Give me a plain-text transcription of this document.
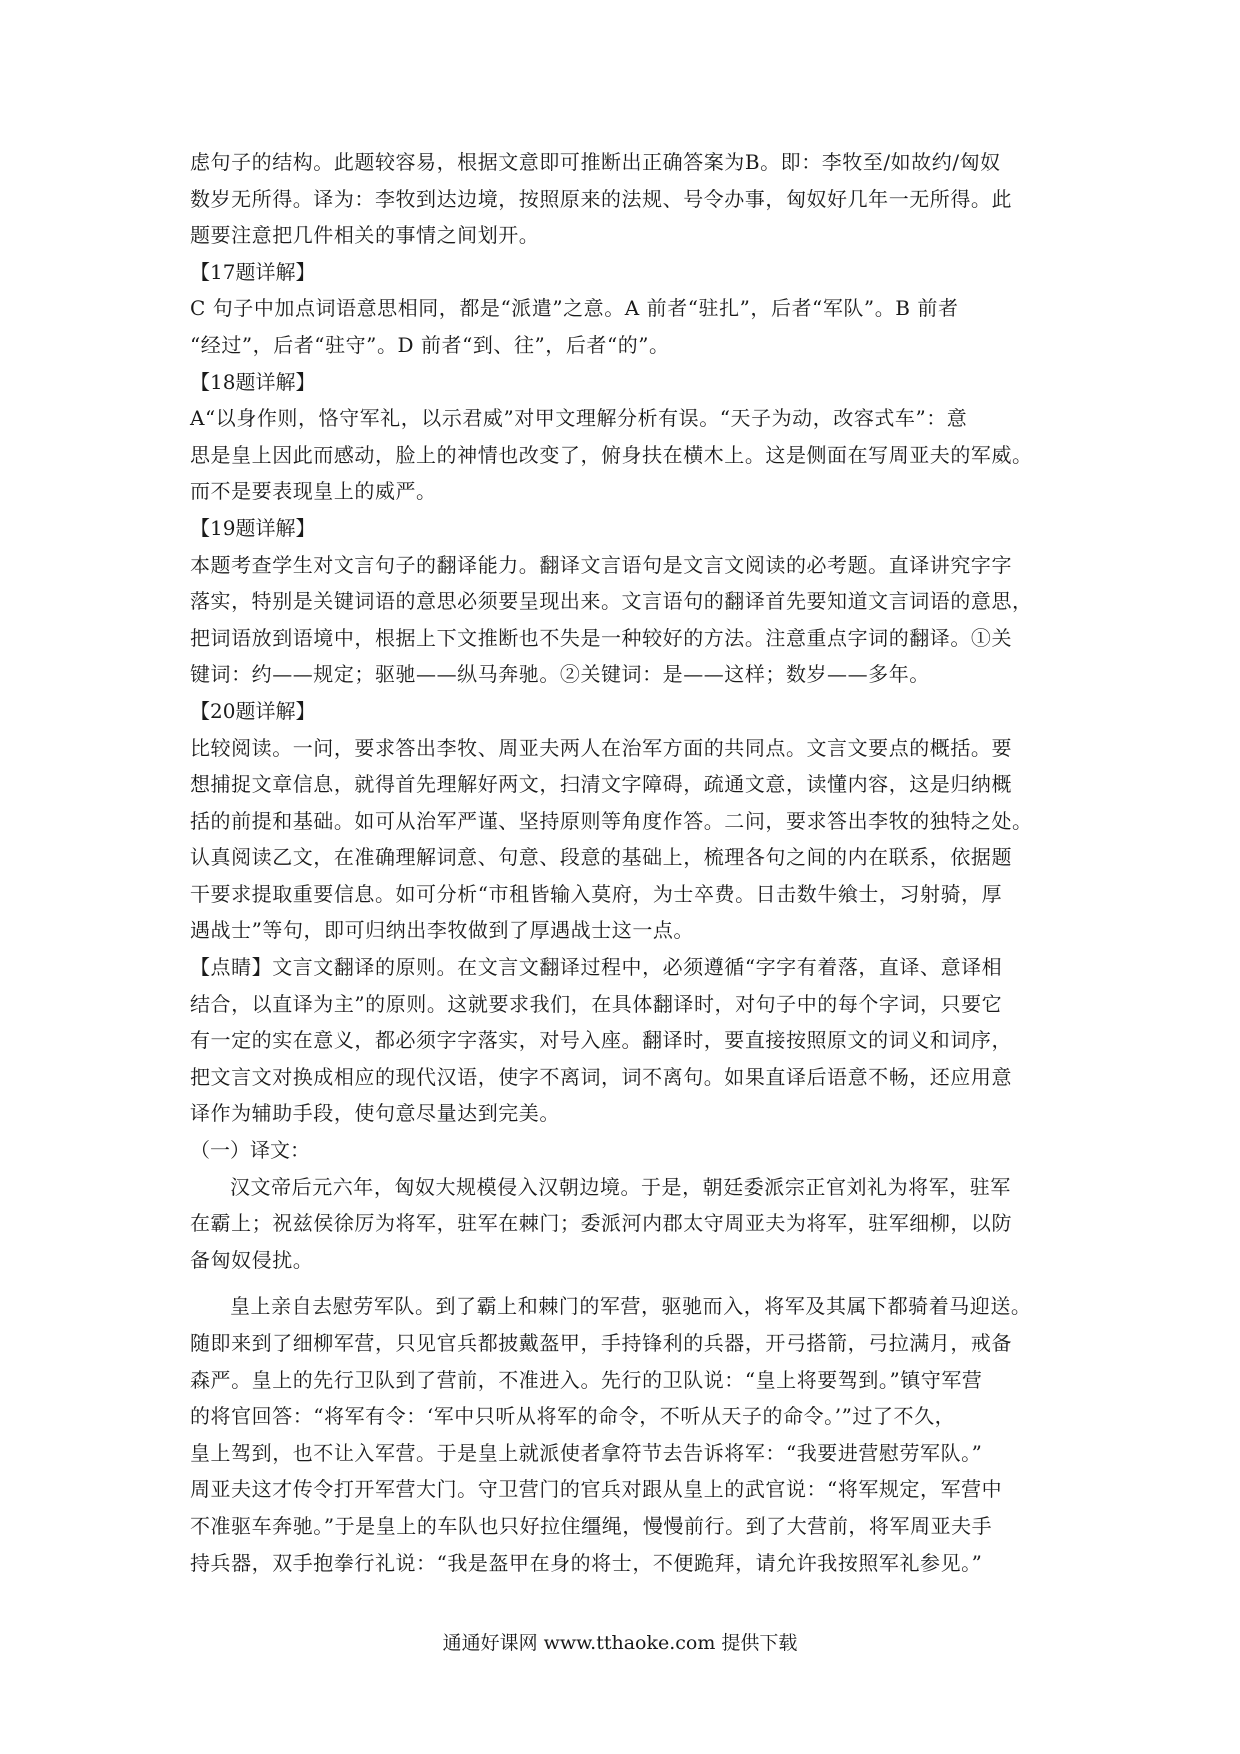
虑句子的结构。此题较容易，根据文意即可推断出正确答案为B。即：李牧至/如故约/匈奴
数岁无所得。译为：李牧到达边境，按照原来的法规、号令办事，匈奴好几年一无所得。此
题要注意把几件相关的事情之间划开。
【17题详解】
C 句子中加点词语意思相同，都是“派遣”之意。A 前者“驻扎”，后者“军队”。B 前者
“经过”，后者“驻守”。D 前者“到、往”，后者“的”。
【18题详解】
A“以身作则，恪守军礼，以示君威”对甲文理解分析有误。“天子为动，改容式车”：意
思是皇上因此而感动，脸上的神情也改变了，俯身扶在横木上。这是侧面在写周亚夫的军威。
而不是要表现皇上的威严。
【19题详解】
本题考查学生对文言句子的翻译能力。翻译文言语句是文言文阅读的必考题。直译讲究字字
落实，特别是关键词语的意思必须要呈现出来。文言语句的翻译首先要知道文言词语的意思，
把词语放到语境中，根据上下文推断也不失是一种较好的方法。注意重点字词的翻译。①关
键词：约——规定；驱驰——纵马奔驰。②关键词：是——这样；数岁——多年。
【20题详解】
比较阅读。一问，要求答出李牧、周亚夫两人在治军方面的共同点。文言文要点的概括。要
想捕捉文章信息，就得首先理解好两文，扫清文字障碍，疏通文意，读懂内容，这是归纳概
括的前提和基础。如可从治军严谨、坚持原则等角度作答。二问，要求答出李牧的独特之处。
认真阅读乙文，在准确理解词意、句意、段意的基础上，梳理各句之间的内在联系，依据题
干要求提取重要信息。如可分析“市租皆输入莫府，为士卒费。日击数牛飨士，习射骑，厚
遇战士”等句，即可归纳出李牧做到了厚遇战士这一点。
【点睛】文言文翻译的原则。在文言文翻译过程中，必须遵循“字字有着落，直译、意译相
结合，以直译为主”的原则。这就要求我们，在具体翻译时，对句子中的每个字词，只要它
有一定的实在意义，都必须字字落实，对号入座。翻译时，要直接按照原文的词义和词序，
把文言文对换成相应的现代汉语，使字不离词，词不离句。如果直译后语意不畅，还应用意
译作为辅助手段，使句意尽量达到完美。
（一）译文：
汉文帝后元六年，匈奴大规模侵入汉朝边境。于是，朝廷委派宗正官刘礼为将军，驻军
在霸上；祝兹侯徐厉为将军，驻军在棘门；委派河内郡太守周亚夫为将军，驻军细柳，以防
备匈奴侵扰。
皇上亲自去慰劳军队。到了霸上和棘门的军营，驱驰而入，将军及其属下都骑着马迎送。
随即来到了细柳军营，只见官兵都披戴盔甲，手持锋利的兵器，开弓搭箭，弓拉满月，戒备
森严。皇上的先行卫队到了营前，不准进入。先行的卫队说：“皇上将要驾到。”镇守军营
的将官回答：“将军有令：‘军中只听从将军的命令，不听从天子的命令。’”过了不久，
皇上驾到，也不让入军营。于是皇上就派使者拿符节去告诉将军：“我要进营慰劳军队。”
周亚夫这才传令打开军营大门。守卫营门的官兵对跟从皇上的武官说：“将军规定，军营中
不准驱车奔驰。”于是皇上的车队也只好拉住缰绳，慢慢前行。到了大营前，将军周亚夫手
持兵器，双手抱拳行礼说：“我是盔甲在身的将士，不便跪拜，请允许我按照军礼参见。”
通通好课网 www.tthaoke.com 提供下载
